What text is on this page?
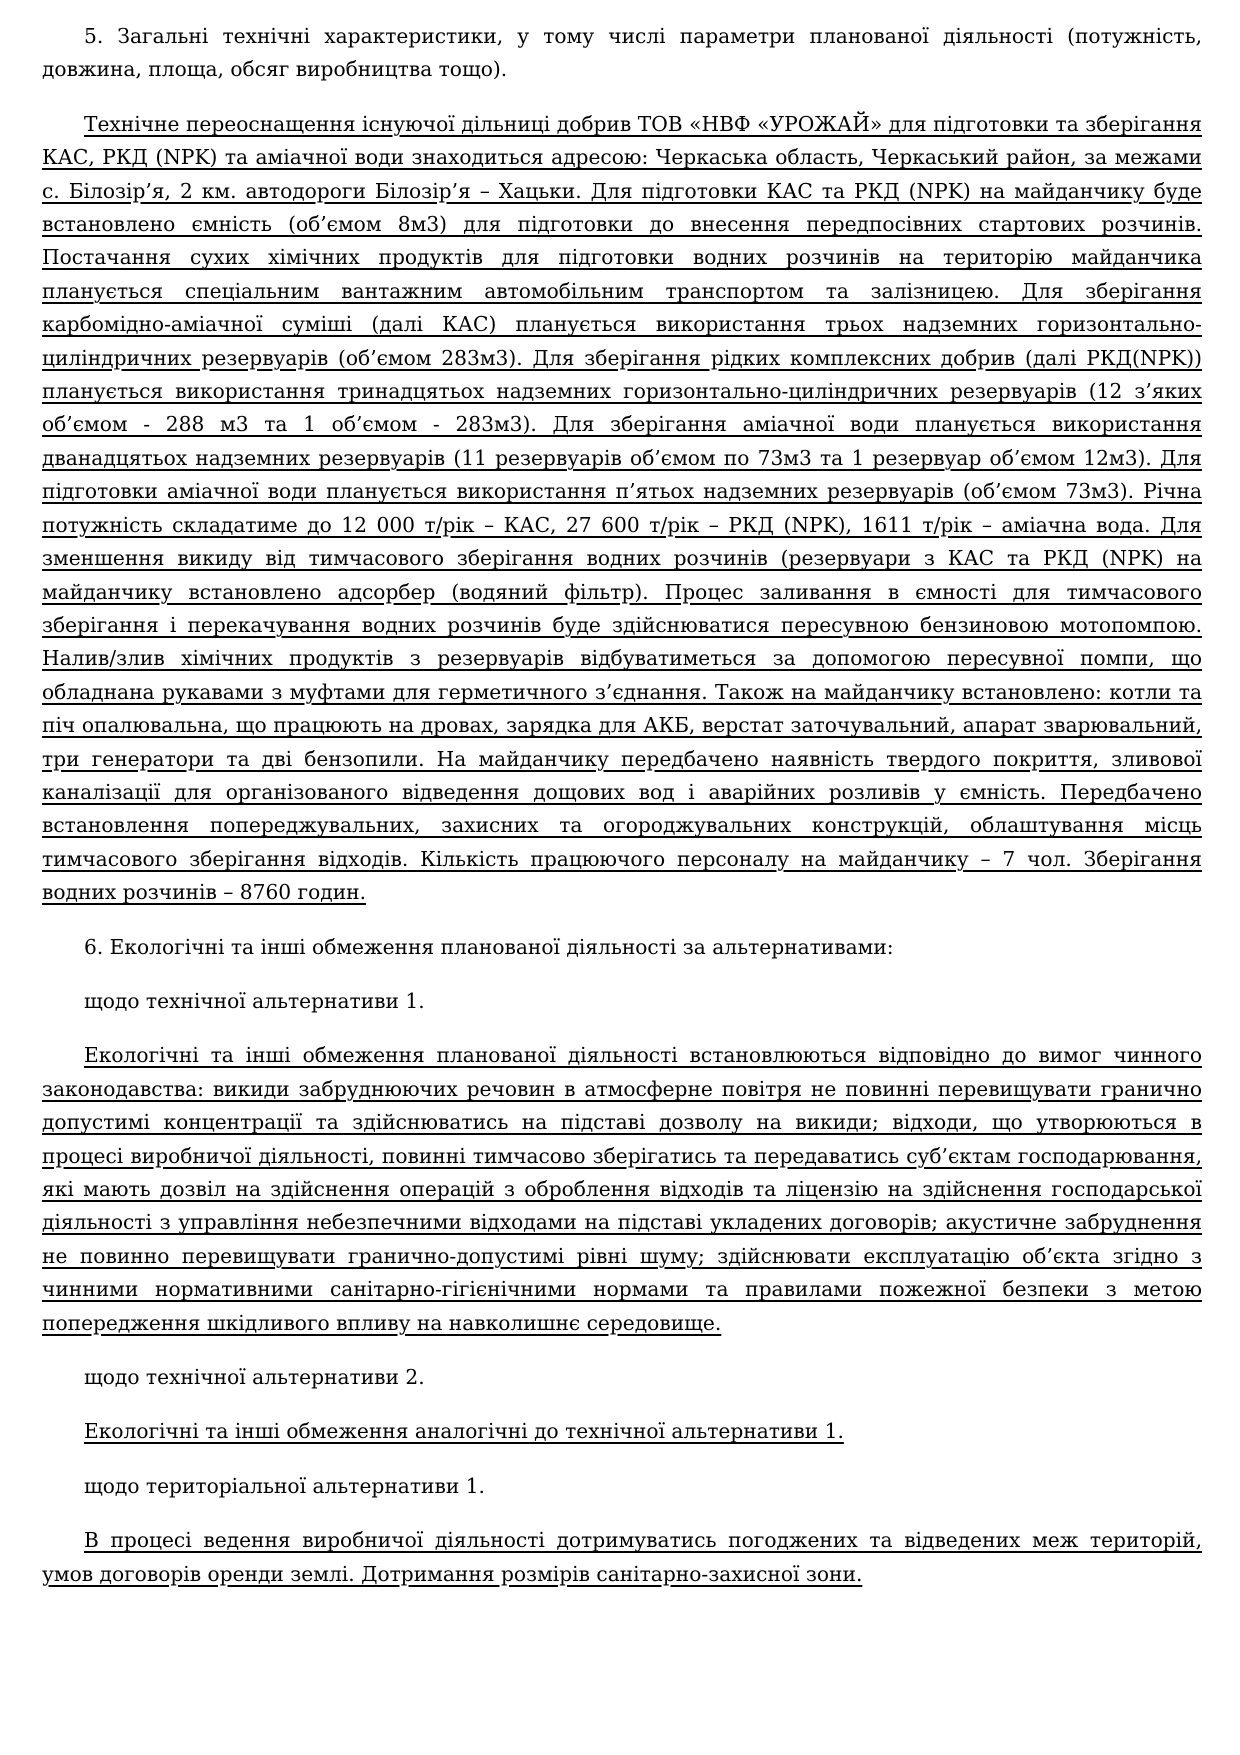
5. Загальні технічні характеристики, у тому числі параметри планованої діяльності (потужність, довжина, площа, обсяг виробництва тощо).

Технічне переоснащення існуючої дільниці добрив ТОВ «НВФ «УРОЖАЙ» для підготовки та зберігання КАС, РКД (NPK) та аміачної води знаходиться адресою: Черкаська область, Черкаський район, за межами с. Білозір’я, 2 км. автодороги Білозір’я – Хацьки. Для підготовки КАС та РКД (NPK) на майданчику буде встановлено ємність (об’ємом 8м3) для підготовки до внесення передпосівних стартових розчинів. Постачання сухих хімічних продуктів для підготовки водних розчинів на територію майданчика планується спеціальним вантажним автомобільним транспортом та залізницею. Для зберігання карбомідно-аміачної суміші (далі КАС) планується використання трьох надземних горизонтально-циліндричних резервуарів (об’ємом 283м3). Для зберігання рідких комплексних добрив (далі РКД(NPK)) планується використання тринадцятьох надземних горизонтально-циліндричних резервуарів (12 з’яких об’ємом - 288 м3 та 1 об’ємом - 283м3). Для зберігання аміачної води планується використання дванадцятьох надземних резервуарів (11 резервуарів об’ємом по 73м3 та 1 резервуар об’ємом 12м3). Для підготовки аміачної води планується використання п’ятьох надземних резервуарів (об’ємом 73м3). Річна потужність складатиме до 12 000 т/рік – КАС, 27 600 т/рік – РКД (NPK), 1611 т/рік – аміачна вода. Для зменшення викиду від тимчасового зберігання водних розчинів (резервуари з КАС та РКД (NPK) на майданчику встановлено адсорбер (водяний фільтр). Процес заливання в ємності для тимчасового зберігання і перекачування водних розчинів буде здійснюватися пересувною бензиновою мотопомпою. Налив/злив хімічних продуктів з резервуарів відбуватиметься за допомогою пересувної помпи, що обладнана рукавами з муфтами для герметичного з’єднання. Також на майданчику встановлено: котли та піч опалювальна, що працюють на дровах, зарядка для АКБ, верстат заточувальний, апарат зварювальний, три генератори та дві бензопили. На майданчику передбачено наявність твердого покриття, зливової каналізації для організованого відведення дощових вод і аварійних розливів у ємність. Передбачено встановлення попереджувальних, захисних та огороджувальних конструкцій, облаштування місць тимчасового зберігання відходів. Кількість працюючого персоналу на майданчику – 7 чол. Зберігання водних розчинів – 8760 годин.

6. Екологічні та інші обмеження планованої діяльності за альтернативами:

щодо технічної альтернативи 1.

Екологічні та інші обмеження планованої діяльності встановлюються відповідно до вимог чинного законодавства: викиди забруднюючих речовин в атмосферне повітря не повинні перевищувати гранично допустимі концентрації та здійснюватись на підставі дозволу на викиди; відходи, що утворюються в процесі виробничої діяльності, повинні тимчасово зберігатись та передаватись суб’єктам господарювання, які мають дозвіл на здійснення операцій з оброблення відходів та ліцензію на здійснення господарської діяльності з управління небезпечними відходами на підставі укладених договорів; акустичне забруднення не повинно перевищувати гранично-допустимі рівні шуму; здійснювати експлуатацію об’єкта згідно з чинними нормативними санітарно-гігієнічними нормами та правилами пожежної безпеки з метою попередження шкідливого впливу на навколишнє середовище.

щодо технічної альтернативи 2.

Екологічні та інші обмеження аналогічні до технічної альтернативи 1.

щодо територіальної альтернативи 1.

В процесі ведення виробничої діяльності дотримуватись погоджених та відведених меж територій, умов договорів оренди землі. Дотримання розмірів санітарно-захисної зони.
